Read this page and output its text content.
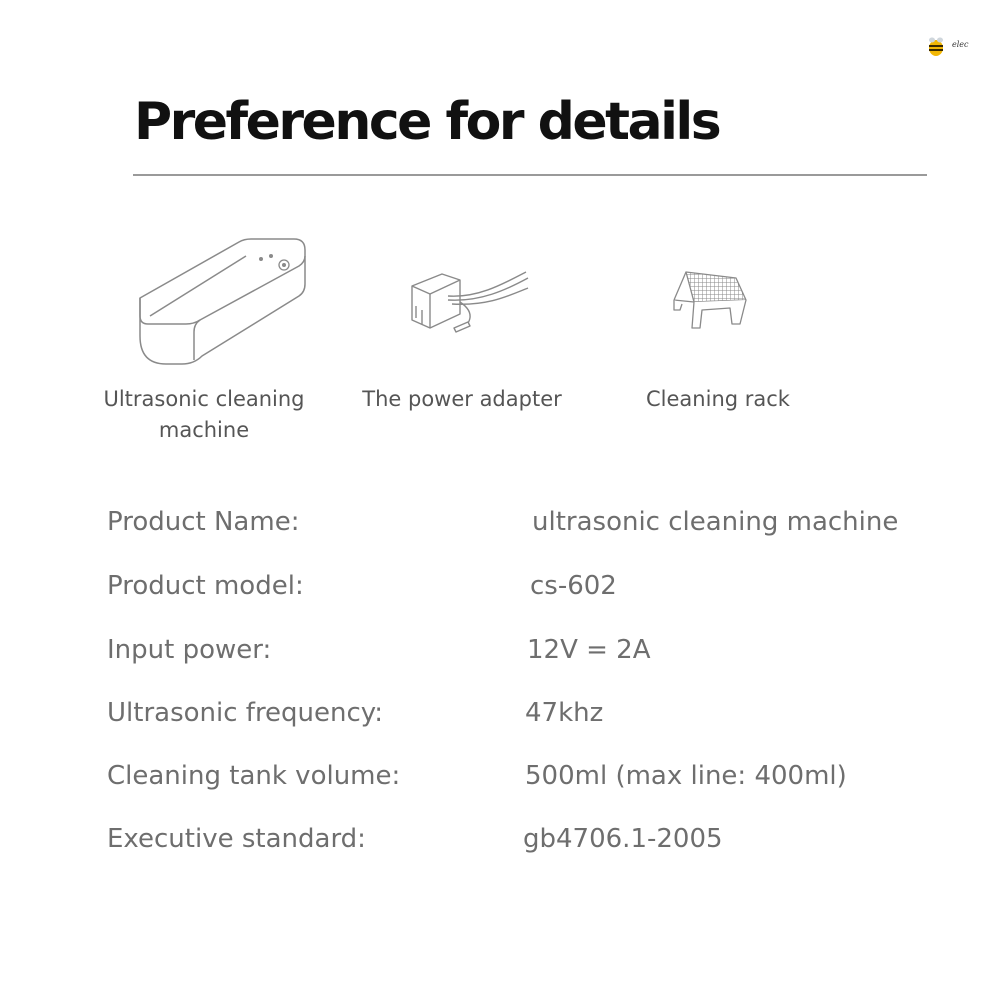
elec
Preference for details
Ultrasonic cleaning
machine
The power adapter	Cleaning rack
Product Name:	ultrasonic cleaning machine
Product model:	cs-602
Input power:	12V = 2A
Ultrasonic frequency:	47khz
Cleaning tank volume:	500ml (max line: 400ml)
Executive standard:	gb4706.1-2005
